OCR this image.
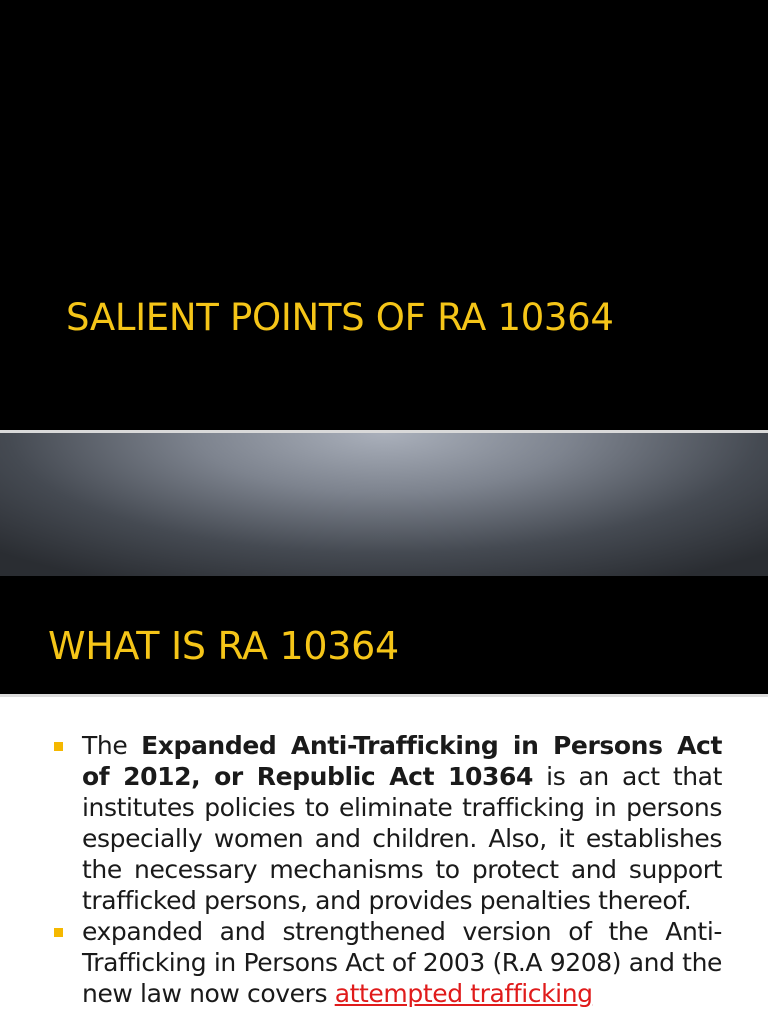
SALIENT POINTS OF RA 10364
WHAT IS RA 10364
The Expanded Anti-Trafficking in Persons Act of 2012, or Republic Act 10364 is an act that institutes policies to eliminate trafficking in persons especially women and children. Also, it establishes the necessary mechanisms to protect and support trafficked persons, and provides penalties thereof.
expanded and strengthened version of the Anti-Trafficking in Persons Act of 2003 (R.A 9208) and the new law now covers attempted trafficking
